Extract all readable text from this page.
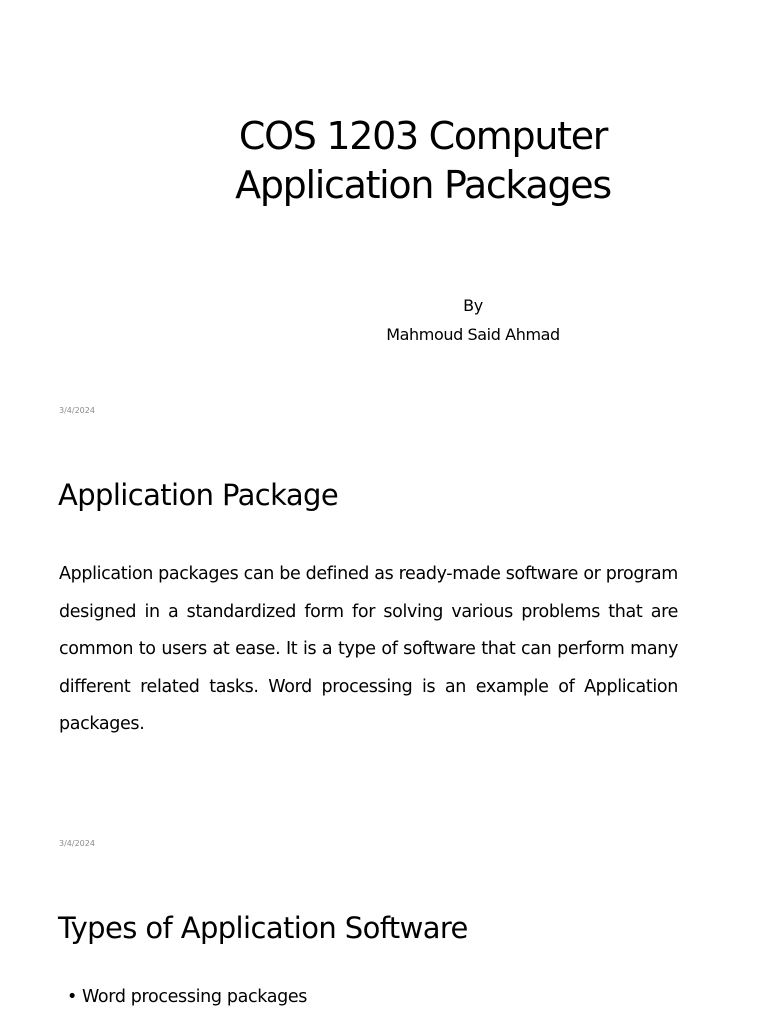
COS 1203 Computer
Application Packages
By
Mahmoud Said Ahmad
3/4/2024
Application Package

Application packages can be defined as ready-made software or program designed in a standardized form for solving various problems that are common to users at ease. It is a type of software that can perform many different related tasks. Word processing is an example of Application packages.

3/4/2024
Types of Application Software
• Word processing packages
